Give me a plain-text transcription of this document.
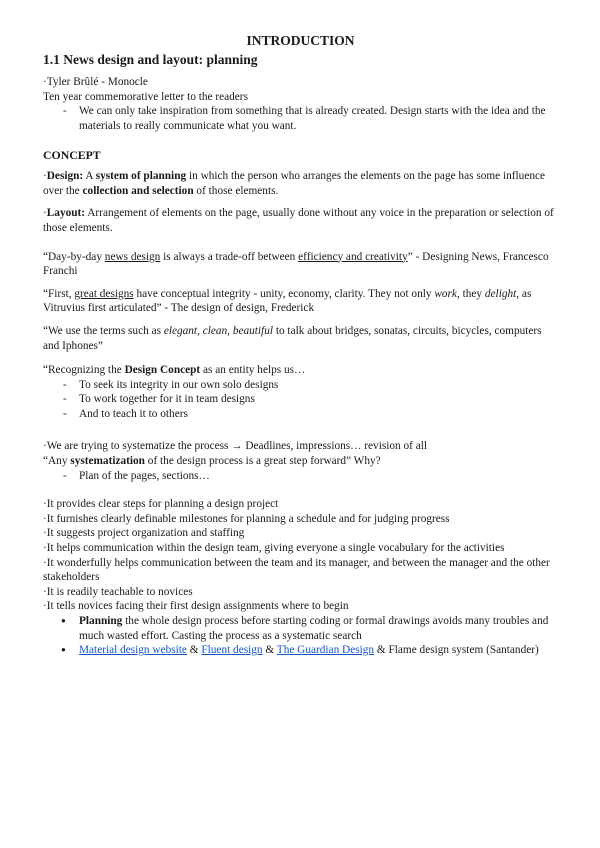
INTRODUCTION
1.1 News design and layout: planning

·Tyler Brûlé - Monocle

Ten year commemorative letter to the readers

- We can only take inspiration from something that is already created. Design starts with the idea and the materials to really communicate what you want.
CONCEPT

·Design: A system of planning in which the person who arranges the elements on the page has some influence over the collection and selection of those elements.

·Layout: Arrangement of elements on the page, usually done without any voice in the preparation or selection of those elements.

“Day-by-day news design is always a trade-off between efficiency and creativity” - Designing News, Francesco Franchi

“First, great designs have conceptual integrity - unity, economy, clarity. They not only work, they delight, as Vitruvius first articulated” - The design of design, Frederick

“We use the terms such as elegant, clean, beautiful to talk about bridges, sonatas, circuits, bicycles, computers and Iphones”

“Recognizing the Design Concept as an entity helps us…

- To seek its integrity in our own solo designs
- To work together for it in team designs
- And to teach it to others

·We are trying to systematize the process → Deadlines, impressions… revision of all

“Any systematization of the design process is a great step forward” Why?

- Plan of the pages, sections…

·It provides clear steps for planning a design project

·It furnishes clearly definable milestones for planning a schedule and for judging progress

·It suggests project organization and staffing

·It helps communication within the design team, giving everyone a single vocabulary for the activities

·It wonderfully helps communication between the team and its manager, and between the manager and the other stakeholders

·It is readily teachable to novices

·It tells novices facing their first design assignments where to begin

● Planning the whole design process before starting coding or formal drawings avoids many troubles and much wasted effort. Casting the process as a systematic search
● Material design website & Fluent design & The Guardian Design & Flame design system (Santander)
